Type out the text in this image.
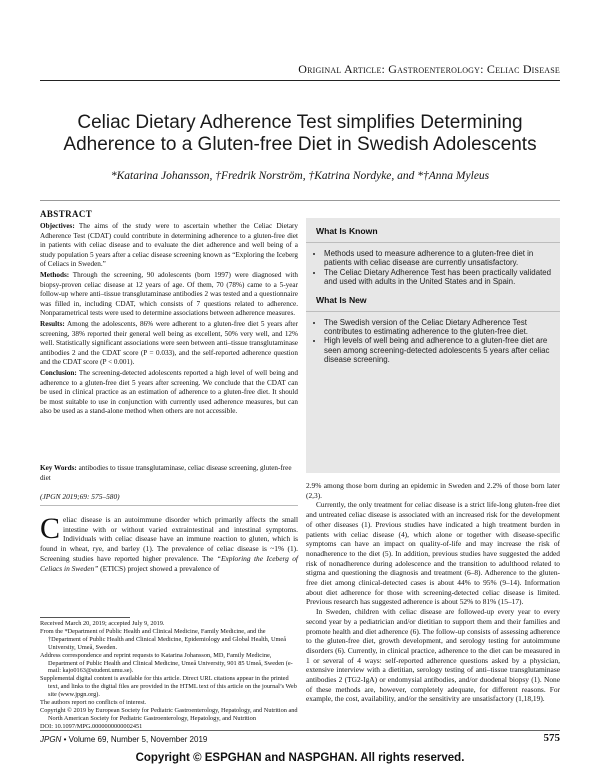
Original Article: Gastroenterology: Celiac Disease
Celiac Dietary Adherence Test simplifies Determining
Adherence to a Gluten-free Diet in Swedish Adolescents
*Katarina Johansson, †Fredrik Norström, †Katrina Nordyke, and *†Anna Myleus
ABSTRACT

Objectives: The aims of the study were to ascertain whether the Celiac Dietary Adherence Test (CDAT) could contribute in determining adherence to a gluten-free diet in patients with celiac disease and to evaluate the diet adherence and well being of a study population 5 years after a celiac disease screening known as “Exploring the Iceberg of Celiacs in Sweden.”

Methods: Through the screening, 90 adolescents (born 1997) were diagnosed with biopsy-proven celiac disease at 12 years of age. Of them, 70 (78%) came to a 5-year follow-up where anti–tissue transglutaminase antibodies 2 was tested and a questionnaire was filled in, including CDAT, which consists of 7 questions related to adherence. Nonparametrical tests were used to determine associations between adherence measures.

Results: Among the adolescents, 86% were adherent to a gluten-free diet 5 years after screening, 38% reported their general well being as excellent, 50% very well, and 12% well. Statistically significant associations were seen between anti–tissue transglutaminase antibodies 2 and the CDAT score (P = 0.033), and the self-reported adherence question and the CDAT score (P < 0.001).

Conclusion: The screening-detected adolescents reported a high level of well being and adherence to a gluten-free diet 5 years after screening. We conclude that the CDAT can be used in clinical practice as an estimation of adherence to a gluten-free diet. It should be most suitable to use in conjunction with currently used adherence measures, but can also be used as a stand-alone method when others are not accessible.

Key Words: antibodies to tissue transglutaminase, celiac disease screening, gluten-free diet
(JPGN 2019;69: 575–580)
Celiac disease is an autoimmune disorder which primarily affects the small intestine with or without varied extraintestinal and intestinal symptoms. Individuals with celiac disease have an immune reaction to gluten, which is found in wheat, rye, and barley (1). The prevalence of celiac disease is ~1% (1). Screening studies have reported higher prevalence. The “Exploring the Iceberg of Celiacs in Sweden” (ETICS) project showed a prevalence of
Received March 20, 2019; accepted July 9, 2019.
From the *Department of Public Health and Clinical Medicine, Family Medicine, and the †Department of Public Health and Clinical Medicine, Epidemiology and Global Health, Umeå University, Umeå, Sweden.
Address correspondence and reprint requests to Katarina Johansson, MD, Family Medicine, Department of Public Health and Clinical Medicine, Umeå University, 901 85 Umeå, Sweden (e-mail: kajo0163@student.umu.se).
Supplemental digital content is available for this article. Direct URL citations appear in the printed text, and links to the digital files are provided in the HTML text of this article on the journal’s Web site (www.jpgn.org).
The authors report no conflicts of interest.
Copyright © 2019 by European Society for Pediatric Gastroenterology, Hepatology, and Nutrition and North American Society for Pediatric Gastroenterology, Hepatology, and Nutrition
DOI: 10.1097/MPG.0000000000002451
What Is Known
• Methods used to measure adherence to a gluten-free diet in patients with celiac disease are currently unsatisfactory.
• The Celiac Dietary Adherence Test has been practically validated and used with adults in the United States and in Spain.
What Is New
• The Swedish version of the Celiac Dietary Adherence Test contributes to estimating adherence to the gluten-free diet.
• High levels of well being and adherence to a gluten-free diet are seen among screening-detected adolescents 5 years after celiac disease screening.

2.9% among those born during an epidemic in Sweden and 2.2% of those born later (2,3).

Currently, the only treatment for celiac disease is a strict life-long gluten-free diet and untreated celiac disease is associated with an increased risk for the development of other diseases (1). Previous studies have indicated a high treatment burden in patients with celiac disease (4), which alone or together with disease-specific symptoms can have an impact on quality-of-life and may increase the risk of nonadherence to the diet (5). In addition, previous studies have suggested the added risk of nonadherence during adolescence and the transition to adulthood related to stigma and questioning the diagnosis and treatment (6–8). Adherence to the gluten-free diet among clinical-detected cases is about 44% to 95% (9–14). Information about diet adherence for those with screening-detected celiac disease is limited. Previous research has suggested adherence is about 52% to 81% (15–17).

In Sweden, children with celiac disease are followed-up every year to every second year by a pediatrician and/or dietitian to support them and their families and promote health and diet adherence (6). The follow-up consists of assessing adherence to the gluten-free diet, growth development, and serology testing for autoimmune disorders (6). Currently, in clinical practice, adherence to the diet can be measured in 1 or several of 4 ways: self-reported adherence questions asked by a physician, extensive interview with a dietitian, serology testing of anti–tissue transglutaminase antibodies 2 (TG2-IgA) or endomysial antibodies, and/or duodenal biopsy (1). None of these methods are, however, completely adequate, for different reasons. For example, the cost, availability, and/or the sensitivity are unsatisfactory (1,18,19).

JPGN • Volume 69, Number 5, November 2019	575
Copyright © ESPGHAN and NASPGHAN. All rights reserved.
